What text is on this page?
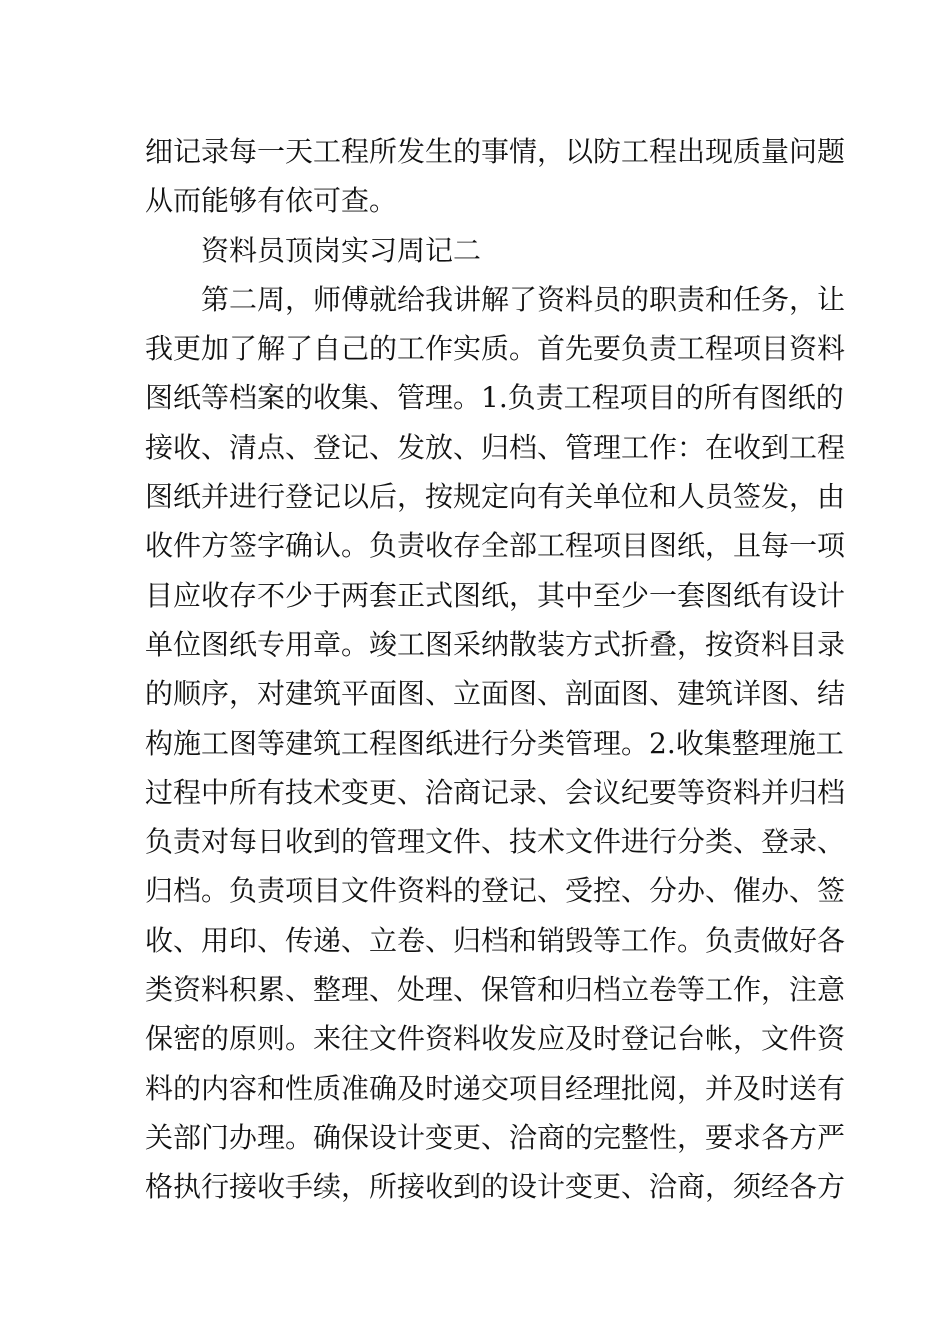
细记录每一天工程所发生的事情，以防工程出现质量问题
从而能够有依可查。
资料员顶岗实习周记二
第二周，师傅就给我讲解了资料员的职责和任务，让
我更加了解了自己的工作实质。首先要负责工程项目资料
图纸等档案的收集、管理。1.负责工程项目的所有图纸的
接收、清点、登记、发放、归档、管理工作：在收到工程
图纸并进行登记以后，按规定向有关单位和人员签发，由
收件方签字确认。负责收存全部工程项目图纸，且每一项
目应收存不少于两套正式图纸，其中至少一套图纸有设计
单位图纸专用章。竣工图采纳散装方式折叠，按资料目录
的顺序，对建筑平面图、立面图、剖面图、建筑详图、结
构施工图等建筑工程图纸进行分类管理。2.收集整理施工
过程中所有技术变更、洽商记录、会议纪要等资料并归档
负责对每日收到的管理文件、技术文件进行分类、登录、
归档。负责项目文件资料的登记、受控、分办、催办、签
收、用印、传递、立卷、归档和销毁等工作。负责做好各
类资料积累、整理、处理、保管和归档立卷等工作，注意
保密的原则。来往文件资料收发应及时登记台帐，文件资
料的内容和性质准确及时递交项目经理批阅，并及时送有
关部门办理。确保设计变更、洽商的完整性，要求各方严
格执行接收手续，所接收到的设计变更、洽商，须经各方
